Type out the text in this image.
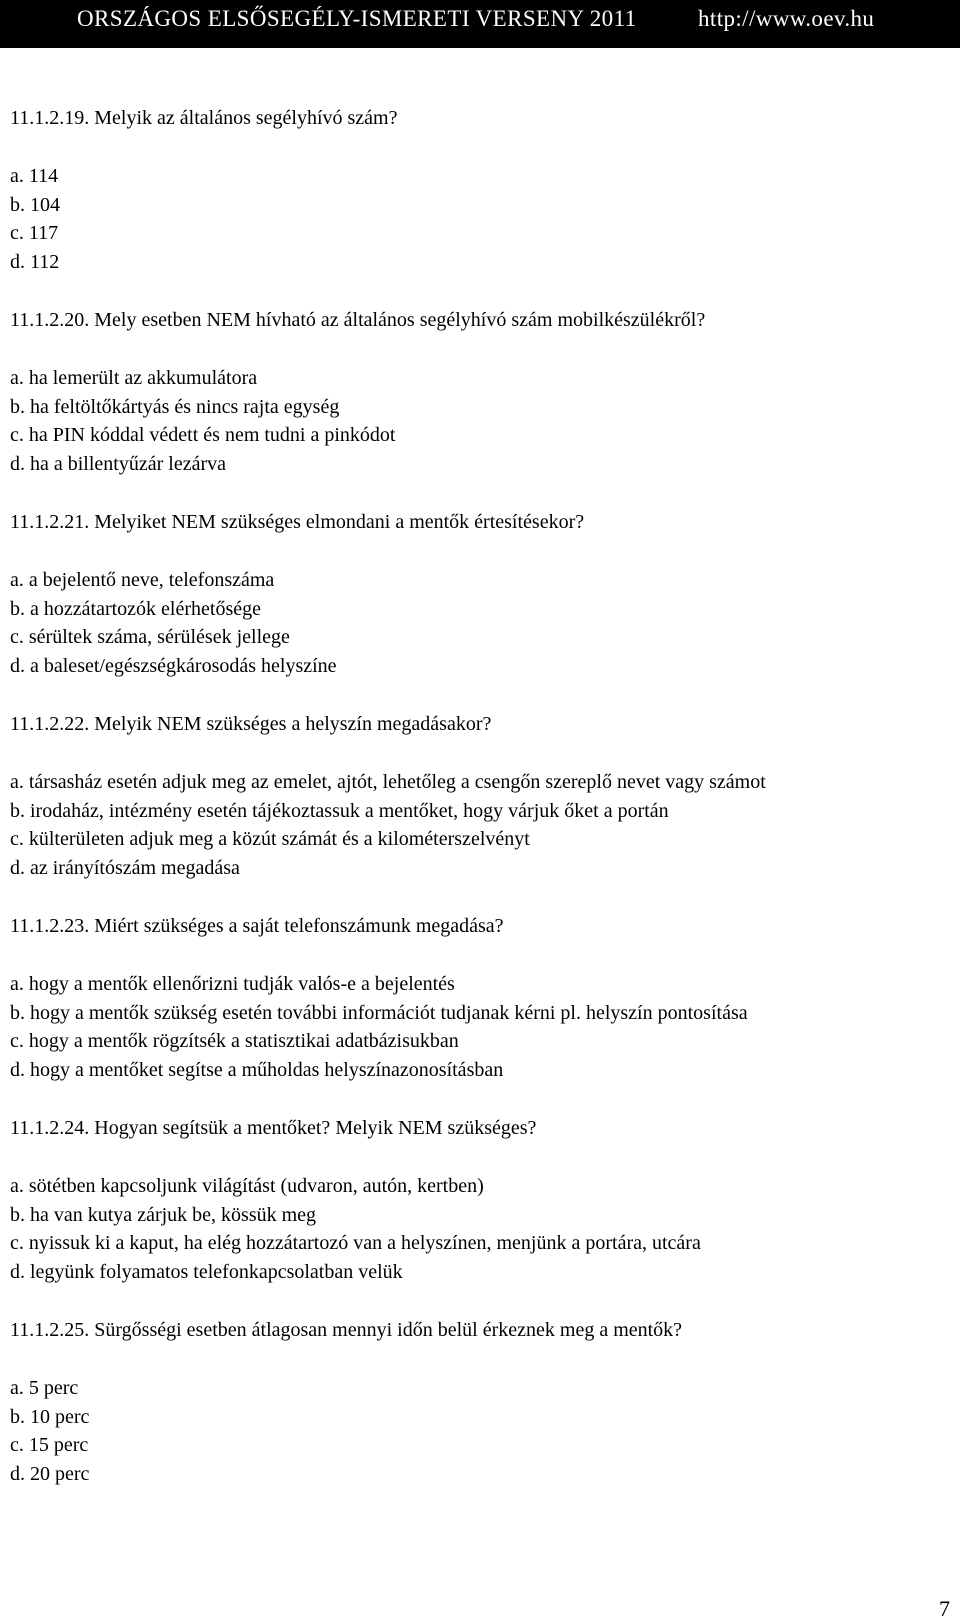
ORSZÁGOS ELSŐSEGÉLY-ISMERETI VERSENY 2011	http://www.oev.hu
11.1.2.19. Melyik az általános segélyhívó szám?
a. 114
b. 104
c. 117
d. 112
11.1.2.20. Mely esetben NEM hívható az általános segélyhívó szám mobilkészülékről?
a. ha lemerült az akkumulátora
b. ha feltöltőkártyás és nincs rajta egység
c. ha PIN kóddal védett és nem tudni a pinkódot
d. ha a billentyűzár lezárva
11.1.2.21. Melyiket NEM szükséges elmondani a mentők értesítésekor?
a. a bejelentő neve, telefonszáma
b. a hozzátartozók elérhetősége
c. sérültek száma, sérülések jellege
d. a baleset/egészségkárosodás helyszíne
11.1.2.22. Melyik NEM szükséges a helyszín megadásakor?
a. társasház esetén adjuk meg az emelet, ajtót, lehetőleg a csengőn szereplő nevet vagy számot
b. irodaház, intézmény esetén tájékoztassuk a mentőket, hogy várjuk őket a portán
c. külterületen adjuk meg a közút számát és a kilométerszelvényt
d. az irányítószám megadása
11.1.2.23. Miért szükséges a saját telefonszámunk megadása?
a. hogy a mentők ellenőrizni tudják valós-e a bejelentés
b. hogy a mentők szükség esetén további információt tudjanak kérni pl. helyszín pontosítása
c. hogy a mentők rögzítsék a statisztikai adatbázisukban
d. hogy a mentőket segítse a műholdas helyszínazonosításban
11.1.2.24. Hogyan segítsük a mentőket? Melyik NEM szükséges?
a. sötétben kapcsoljunk világítást (udvaron, autón, kertben)
b. ha van kutya zárjuk be, kössük meg
c. nyissuk ki a kaput, ha elég hozzátartozó van a helyszínen, menjünk a portára, utcára
d. legyünk folyamatos telefonkapcsolatban velük
11.1.2.25. Sürgősségi esetben átlagosan mennyi időn belül érkeznek meg a mentők?
a. 5 perc
b. 10 perc
c. 15 perc
d. 20 perc
7
